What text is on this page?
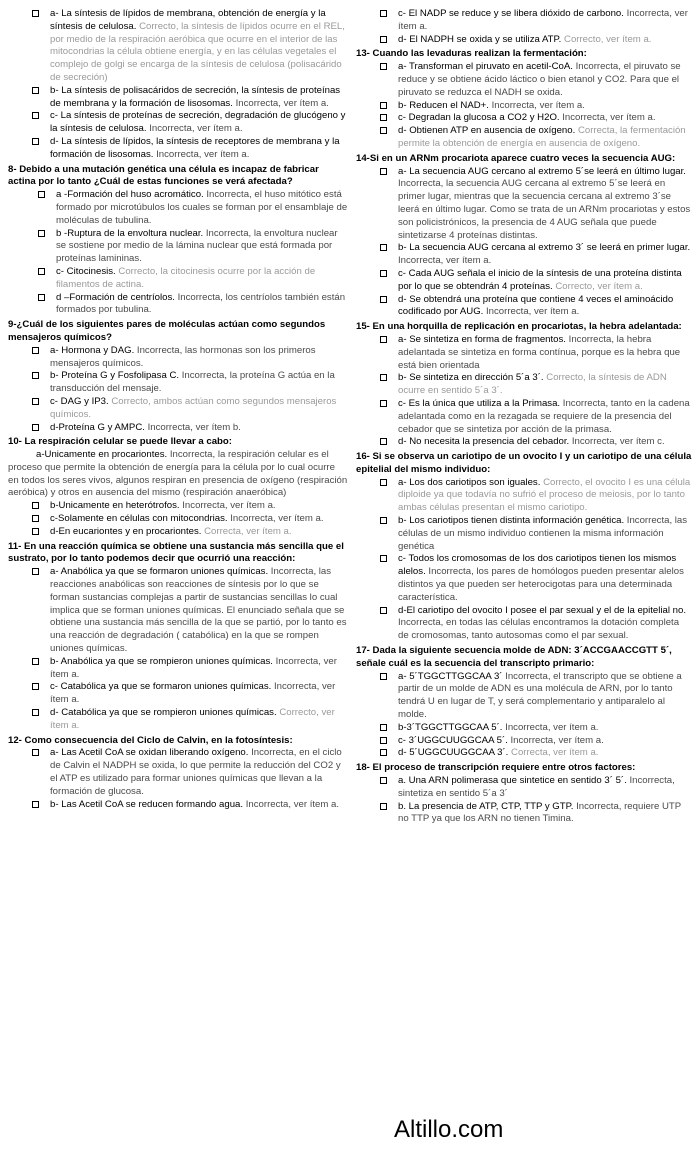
a- La síntesis de lípidos de membrana, obtención de energía y la síntesis de celulosa. Correcto, la síntesis de lípidos ocurre en el REL, por medio de la respiración aeróbica que ocurre en el interior de las mitocondrias la célula obtiene energía, y en las células vegetales el complejo de golgi se encarga de la síntesis de celulosa (polisacárido de secreción)
b- La síntesis de polisacáridos de secreción, la síntesis de proteínas de membrana y la formación de lisosomas. Incorrecta, ver ítem a.
c- La síntesis de proteínas de secreción, degradación de glucógeno y la síntesis de celulosa. Incorrecta, ver ítem a.
d- La síntesis de lípidos, la síntesis de receptores de membrana y la formación de lisosomas. Incorrecta, ver ítem a.
8- Debido a una mutación genética una célula es incapaz de fabricar actina por lo tanto ¿Cuál de estas funciones se verá afectada?
a -Formación del huso acromático. Incorrecta, el huso mitótico está formado por microtúbulos los cuales se forman por el ensamblaje de moléculas de tubulina.
b -Ruptura de la envoltura nuclear. Incorrecta, la envoltura nuclear se sostiene por medio de la lámina nuclear que está formada por proteínas lamininas.
c- Citocinesis. Correcto, la citocinesis ocurre por la acción de filamentos de actina.
d –Formación de centríolos. Incorrecta, los centríolos también están formados por tubulina.
9-¿Cuál de los siguientes pares de moléculas actúan como segundos mensajeros químicos?
a- Hormona y DAG. Incorrecta, las hormonas son los primeros mensajeros químicos.
b- Proteína G y Fosfolipasa C. Incorrecta, la proteína G actúa en la transducción del mensaje.
c- DAG y IP3. Correcto, ambos actúan como segundos mensajeros químicos.
d-Proteína G y AMPC. Incorrecta, ver ítem b.
10- La respiración celular se puede llevar a cabo:
a-Unicamente en procariontes. Incorrecta, la respiración celular es el proceso que permite la obtención de energía para la célula por lo cual ocurre en todos los seres vivos, algunos respiran en presencia de oxígeno (respiración aeróbica) y otros en ausencia del mismo (respiración anaeróbica)
b-Unicamente en heterótrofos. Incorrecta, ver ítem a.
c-Solamente en células con mitocondrias. Incorrecta, ver ítem a.
d-En eucariontes y en procariontes. Correcta, ver ítem a.
11- En una reacción química se obtiene una sustancia más sencilla que el sustrato, por lo tanto podemos decir que ocurrió una reacción:
a- Anabólica ya que se formaron uniones químicas. Incorrecta, las reacciones anabólicas son reacciones de síntesis por lo que se forman sustancias complejas a partir de sustancias sencillas lo cual implica que se forman uniones químicas. El enunciado señala que se obtiene una sustancia más sencilla de la que se partió, por lo tanto es una reacción de degradación ( catabólica) en la que se rompen uniones químicas.
b- Anabólica ya que se rompieron uniones químicas. Incorrecta, ver ítem a.
c- Catabólica ya que se formaron uniones químicas. Incorrecta, ver ítem a.
d- Catabólica ya que se rompieron uniones químicas. Correcto, ver ítem a.
12- Como consecuencia del Ciclo de Calvin, en la fotosíntesis:
a- Las Acetil CoA se oxidan liberando oxígeno. Incorrecta, en el ciclo de Calvin el NADPH se oxida, lo que permite la reducción del CO2 y el ATP es utilizado para formar uniones químicas que llevan a la formación de glucosa.
b- Las Acetil CoA se reducen formando agua. Incorrecta, ver ítem a.
c- El NADP se reduce y se libera dióxido de carbono. Incorrecta, ver ítem a.
d- El NADPH se oxida y se utiliza ATP. Correcto, ver ítem a.
13- Cuando las levaduras realizan la fermentación:
a- Transforman el piruvato en acetil-CoA. Incorrecta, el piruvato se reduce y se obtiene ácido láctico o bien etanol y CO2. Para que el piruvato se reduzca el NADH se oxida.
b- Reducen el NAD+. Incorrecta, ver ítem a.
c- Degradan la glucosa a CO2 y H2O. Incorrecta, ver ítem a.
d- Obtienen ATP en ausencia de oxígeno. Correcta, la fermentación permite la obtención de energía en ausencia de oxígeno.
14-Si en un ARNm procariota aparece cuatro veces la secuencia AUG:
a- La secuencia AUG cercano al extremo 5´se leerá en último lugar. Incorrecta, la secuencia AUG cercana al extremo 5´se leerá en primer lugar, mientras que la secuencia cercana al extremo 3´se leerá en último lugar. Como se trata de un ARNm procariotas y estos son policistrónicos, la presencia de 4 AUG señala que puede sintetizarse 4 proteínas distintas.
b- La secuencia AUG cercana al extremo 3´ se leerá en primer lugar. Incorrecta, ver ítem a.
c- Cada AUG señala el inicio de la síntesis de una proteína distinta por lo que se obtendrán 4 proteínas. Correcto, ver ítem a.
d- Se obtendrá una proteína que contiene 4 veces el aminoácido codificado por AUG. Incorrecta, ver ítem a.
15- En una horquilla de replicación en procariotas, la hebra adelantada:
a- Se sintetiza en forma de fragmentos. Incorrecta, la hebra adelantada se sintetiza en forma contínua, porque es la hebra que está bien orientada
b- Se sintetiza en dirección 5´a 3´. Correcto, la síntesis de ADN ocurre en sentido 5´a 3´.
c- Es la única que utiliza a la Primasa. Incorrecta, tanto en la cadena adelantada como en la rezagada se requiere de la presencia del cebador que se sintetiza por acción de la primasa.
d- No necesita la presencia del cebador. Incorrecta, ver ítem c.
16- Si se observa un cariotipo de un ovocito I y un cariotipo de una célula epitelial del mismo individuo:
a- Los dos cariotipos son iguales. Correcto, el ovocito I es una célula diploide ya que todavía no sufrió el proceso de meiosis, por lo tanto ambas células presentan el mismo cariotipo.
b- Los cariotipos tienen distinta información genética. Incorrecta, las células de un mismo individuo contienen la misma información genética
c- Todos los cromosomas de los dos cariotipos tienen los mismos alelos. Incorrecta, los pares de homólogos pueden presentar alelos distintos ya que pueden ser heterocigotas para una determinada característica.
d-El cariotipo del ovocito I posee el par sexual y el de la epitelial no. Incorrecta, en todas las células encontramos la dotación completa de cromosomas, tanto autosomas como el par sexual.
17- Dada la siguiente secuencia molde de ADN: 3´ACCGAACCGTT 5´, señale cuál es la secuencia del transcripto primario:
a- 5´TGGCTTGGCAA 3´ Incorrecta, el transcripto que se obtiene a partir de un molde de ADN es una molécula de ARN, por lo tanto tendrá U en lugar de T, y será complementario y antiparalelo al molde.
b-3´TGGCTTGGCAA 5´. Incorrecta, ver ítem a.
c- 3´UGGCUUGGCAA 5´. Incorrecta, ver ítem a.
d- 5´UGGCUUGGCAA 3´. Correcta, ver ítem a.
18- El proceso de transcripción requiere entre otros factores:
a. Una ARN polimerasa que sintetice en sentido 3´ 5´. Incorrecta, sintetiza en sentido 5´a 3´
b. La presencia de ATP, CTP, TTP y GTP. Incorrecta, requiere UTP no TTP ya que los ARN no tienen Timina.
Altillo.com
